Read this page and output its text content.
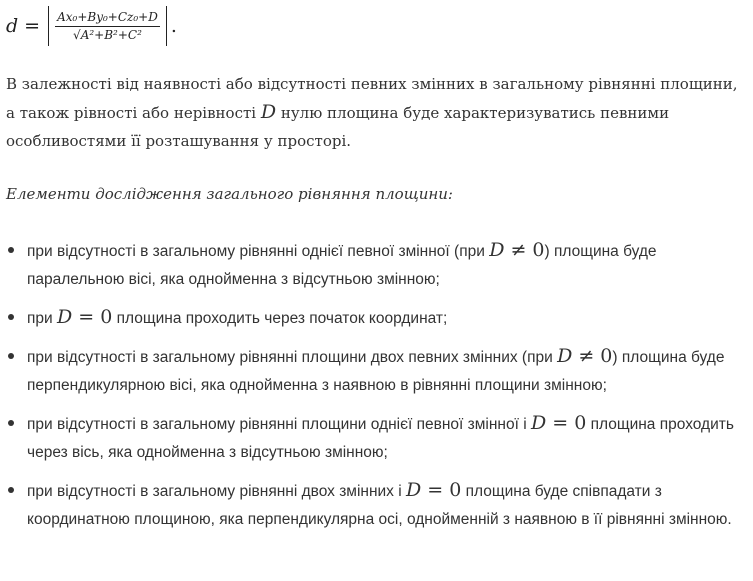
$d = \frac{\text{Ax₀+By₀+Cz₀+D}}{\text{√A²+B²+C²}}$ .

В залежності від наявності або відсутності певних змінних в загальному рівнянні площини, а також рівності або нерівності D нулю площина буде характеризуватись певними особливостями її розташування у просторі.

Елементи дослідження загального рівняння площини:

при відсутності в загальному рівнянні однієї певної змінної (при D ≠ 0) площина буде паралельною вісі, яка однойменна з відсутньою змінною;
при D = 0 площина проходить через початок координат;
при відсутності в загальному рівнянні площини двох певних змінних (при D ≠ 0) площина буде перпендикулярною вісі, яка однойменна з наявною в рівнянні площини змінною;
при відсутності в загальному рівнянні площини однієї певної змінної і D = 0 площина проходить через вісь, яка однойменна з відсутньою змінною;
при відсутності в загальному рівнянні двох змінних і D = 0 площина буде співпадати з координатною площиною, яка перпендикулярна осі, однойменній з наявною в її рівнянні змінною.
